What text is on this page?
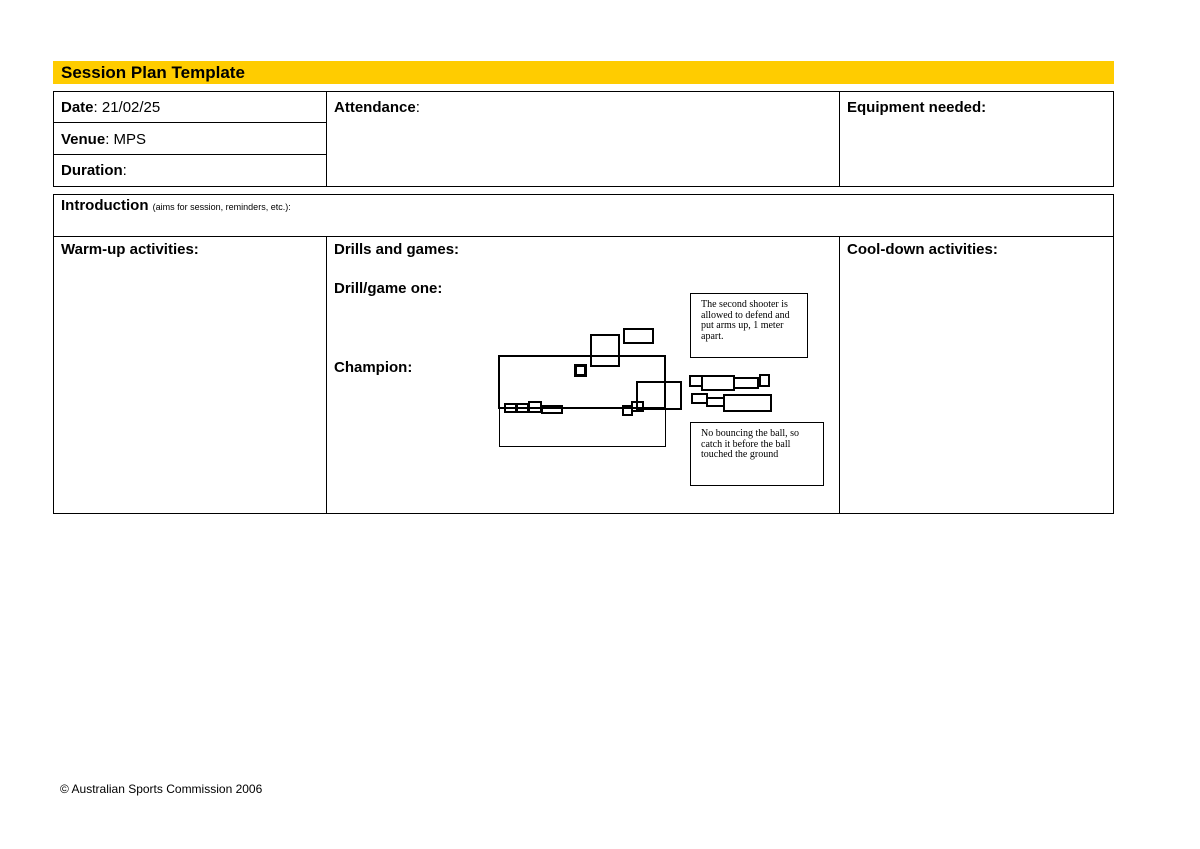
Session Plan Template
Date: 21/02/25
Venue: MPS
Duration:
Attendance:	Equipment needed:
Introduction (aims for session, reminders, etc.):
Warm-up activities:	Drills and games:
Drill/game one:
Champion:
Cool-down activities:
The second shooter is allowed to defend and put arms up, 1 meter apart.
No bouncing the ball, so catch it before the ball touched the ground
© Australian Sports Commission 2006
